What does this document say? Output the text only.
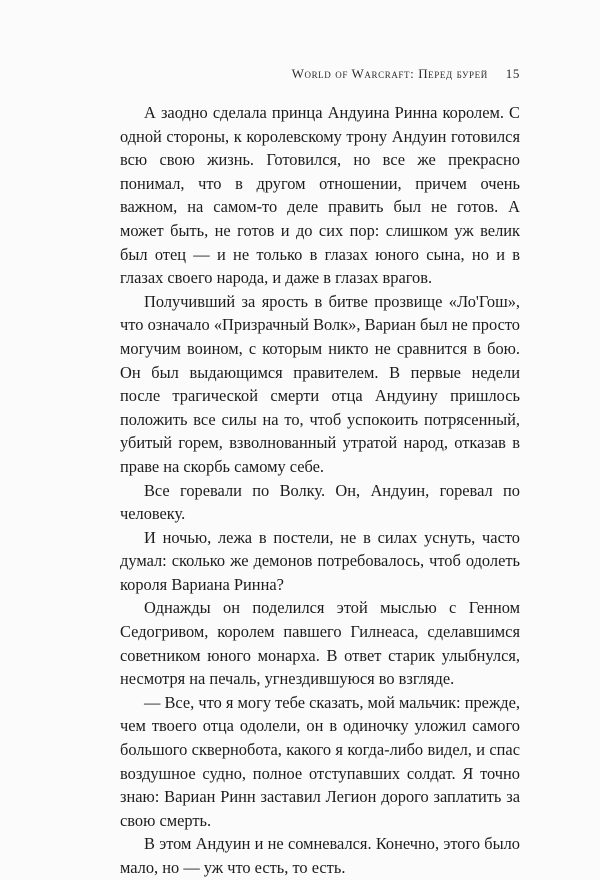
World of Warcraft: Перед бурей 15

А заодно сделала принца Андуина Ринна королем. С одной стороны, к королевскому трону Андуин готовился всю свою жизнь. Готовился, но все же прекрасно понимал, что в другом отношении, причем очень важном, на самом-то деле править был не готов. А может быть, не готов и до сих пор: слишком уж велик был отец — и не только в глазах юного сына, но и в глазах своего народа, и даже в глазах врагов.

Получивший за ярость в битве прозвище «Ло'Гош», что означало «Призрачный Волк», Вариан был не просто могучим воином, с которым никто не сравнится в бою. Он был выдающимся правителем. В первые недели после трагической смерти отца Андуину пришлось положить все силы на то, чтоб успокоить потрясенный, убитый горем, взволнованный утратой народ, отказав в праве на скорбь самому себе.

Все горевали по Волку. Он, Андуин, горевал по человеку.

И ночью, лежа в постели, не в силах уснуть, часто думал: сколько же демонов потребовалось, чтоб одолеть короля Вариана Ринна?

Однажды он поделился этой мыслью с Генном Седогривом, королем павшего Гилнеаса, сделавшимся советником юного монарха. В ответ старик улыбнулся, несмотря на печаль, угнездившуюся во взгляде.

— Все, что я могу тебе сказать, мой мальчик: прежде, чем твоего отца одолели, он в одиночку уложил самого большого скверноботa, какого я когда-либо видел, и спас воздушное судно, полное отступавших солдат. Я точно знаю: Вариан Ринн заставил Легион дорого заплатить за свою смерть.

В этом Андуин и не сомневался. Конечно, этого было мало, но — уж что есть, то есть.
